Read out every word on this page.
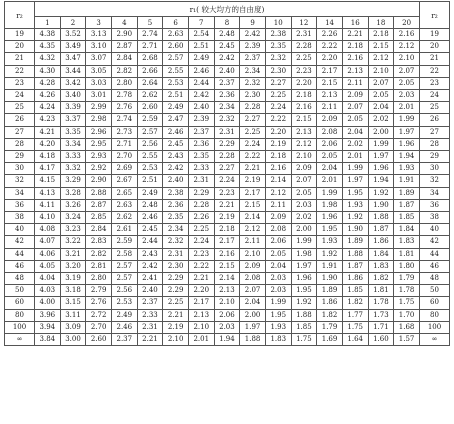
r₂	r₁( 较大均方的自由度)															r₂
	1	2	3	4	5	6	7	8	9	10	12	14	16	18	20	
19	4.38	3.52	3.13	2.90	2.74	2.63	2.54	2.48	2.42	2.38	2.31	2.26	2.21	2.18	2.16	19
20	4.35	3.49	3.10	2.87	2.71	2.60	2.51	2.45	2.39	2.35	2.28	2.22	2.18	2.15	2.12	20
21	4.32	3.47	3.07	2.84	2.68	2.57	2.49	2.42	2.37	2.32	2.25	2.20	2.16	2.12	2.10	21
22	4.30	3.44	3.05	2.82	2.66	2.55	2.46	2.40	2.34	2.30	2.23	2.17	2.13	2.10	2.07	22
23	4.28	3.42	3.03	2.80	2.64	2.53	2.44	2.37	2.32	2.27	2.20	2.15	2.11	2.07	2.05	23
24	4.26	3.40	3.01	2.78	2.62	2.51	2.42	2.36	2.30	2.25	2.18	2.13	2.09	2.05	2.03	24
25	4.24	3.39	2.99	2.76	2.60	2.49	2.40	2.34	2.28	2.24	2.16	2.11	2.07	2.04	2.01	25
26	4.23	3.37	2.98	2.74	2.59	2.47	2.39	2.32	2.27	2.22	2.15	2.09	2.05	2.02	1.99	26
27	4.21	3.35	2.96	2.73	2.57	2.46	2.37	2.31	2.25	2.20	2.13	2.08	2.04	2.00	1.97	27
28	4.20	3.34	2.95	2.71	2.56	2.45	2.36	2.29	2.24	2.19	2.12	2.06	2.02	1.99	1.96	28
29	4.18	3.33	2.93	2.70	2.55	2.43	2.35	2.28	2.22	2.18	2.10	2.05	2.01	1.97	1.94	29
30	4.17	3.32	2.92	2.69	2.53	2.42	2.33	2.27	2.21	2.16	2.09	2.04	1.99	1.96	1.93	30
32	4.15	3.29	2.90	2.67	2.51	2.40	2.31	2.24	2.19	2.14	2.07	2.01	1.97	1.94	1.91	32
34	4.13	3.28	2.88	2.65	2.49	2.38	2.29	2.23	2.17	2.12	2.05	1.99	1.95	1.92	1.89	34
36	4.11	3.26	2.87	2.63	2.48	2.36	2.28	2.21	2.15	2.11	2.03	1.98	1.93	1.90	1.87	36
38	4.10	3.24	2.85	2.62	2.46	2.35	2.26	2.19	2.14	2.09	2.02	1.96	1.92	1.88	1.85	38
40	4.08	3.23	2.84	2.61	2.45	2.34	2.25	2.18	2.12	2.08	2.00	1.95	1.90	1.87	1.84	40
42	4.07	3.22	2.83	2.59	2.44	2.32	2.24	2.17	2.11	2.06	1.99	1.93	1.89	1.86	1.83	42
44	4.06	3.21	2.82	2.58	2.43	2.31	2.23	2.16	2.10	2.05	1.98	1.92	1.88	1.84	1.81	44
46	4.05	3.20	2.81	2.57	2.42	2.30	2.22	2.15	2.09	2.04	1.97	1.91	1.87	1.83	1.80	46
48	4.04	3.19	2.80	2.57	2.41	2.29	2.21	2.14	2.08	2.03	1.96	1.90	1.86	1.82	1.79	48
50	4.03	3.18	2.79	2.56	2.40	2.29	2.20	2.13	2.07	2.03	1.95	1.89	1.85	1.81	1.78	50
60	4.00	3.15	2.76	2.53	2.37	2.25	2.17	2.10	2.04	1.99	1.92	1.86	1.82	1.78	1.75	60
80	3.96	3.11	2.72	2.49	2.33	2.21	2.13	2.06	2.00	1.95	1.88	1.82	1.77	1.73	1.70	80
100	3.94	3.09	2.70	2.46	2.31	2.19	2.10	2.03	1.97	1.93	1.85	1.79	1.75	1.71	1.68	100
∞	3.84	3.00	2.60	2.37	2.21	2.10	2.01	1.94	1.88	1.83	1.75	1.69	1.64	1.60	1.57	∞
